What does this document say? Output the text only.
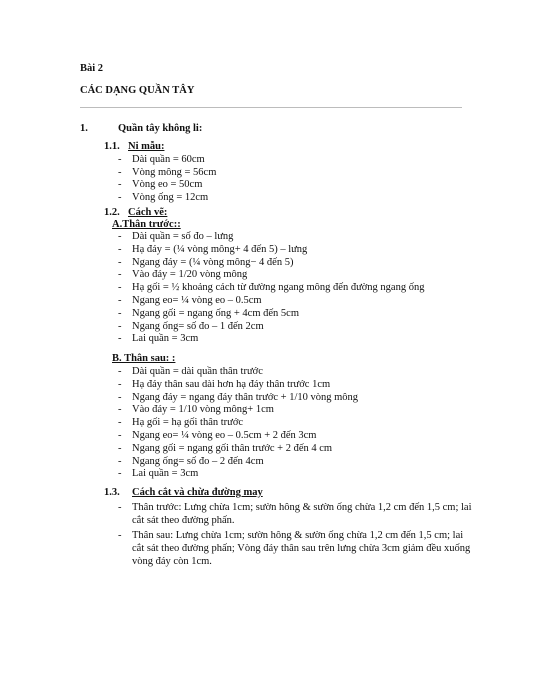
Bài 2
CÁC DẠNG QUẦN TÂY
1.	Quần tây không li:
1.1. Ni mẫu:
- Dài quần = 60cm
- Vòng mông = 56cm
- Vòng eo = 50cm
- Vòng ống = 12cm
1.2. Cách vẽ:
A.Thân trước::
- Dài quần = số đo – lưng
- Hạ đáy = (¼ vòng mông+ 4 đến 5) – lưng
- Ngang đáy = (¼ vòng mông− 4 đến 5)
- Vào đáy = 1/20 vòng mông
- Hạ gối = ½ khoảng cách từ đường ngang mông đến đường ngang ống
- Ngang eo= ¼ vòng eo – 0.5cm
- Ngang gối = ngang ống + 4cm đến 5cm
- Ngang ống= số đo – 1 đến 2cm
- Lai quần = 3cm
B. Thân sau: :
- Dài quần = dài quần thân trước
- Hạ đáy thân sau dài hơn hạ đáy thân trước 1cm
- Ngang đáy = ngang đáy thân trước + 1/10 vòng mông
- Vào đáy = 1/10 vòng mông+ 1cm
- Hạ gối = hạ gối thân trước
- Ngang eo= ¼ vòng eo – 0.5cm + 2 đến 3cm
- Ngang gối = ngang gối thân trước + 2 đến 4 cm
- Ngang ống= số đo – 2 đến 4cm
- Lai quần = 3cm
1.3. Cách cắt và chừa đường may
- Thân trước: Lưng chừa 1cm; sườn hông & sườn ống chừa 1,2 cm đến 1,5 cm; lai cắt sát theo đường phấn.
- Thân sau: Lưng chừa 1cm; sườn hông & sườn ống chừa 1,2 cm đến 1,5 cm; lai cắt sát theo đường phấn; Vòng đáy thân sau trên lưng chừa 3cm giảm đều xuống vòng đáy còn 1cm.
